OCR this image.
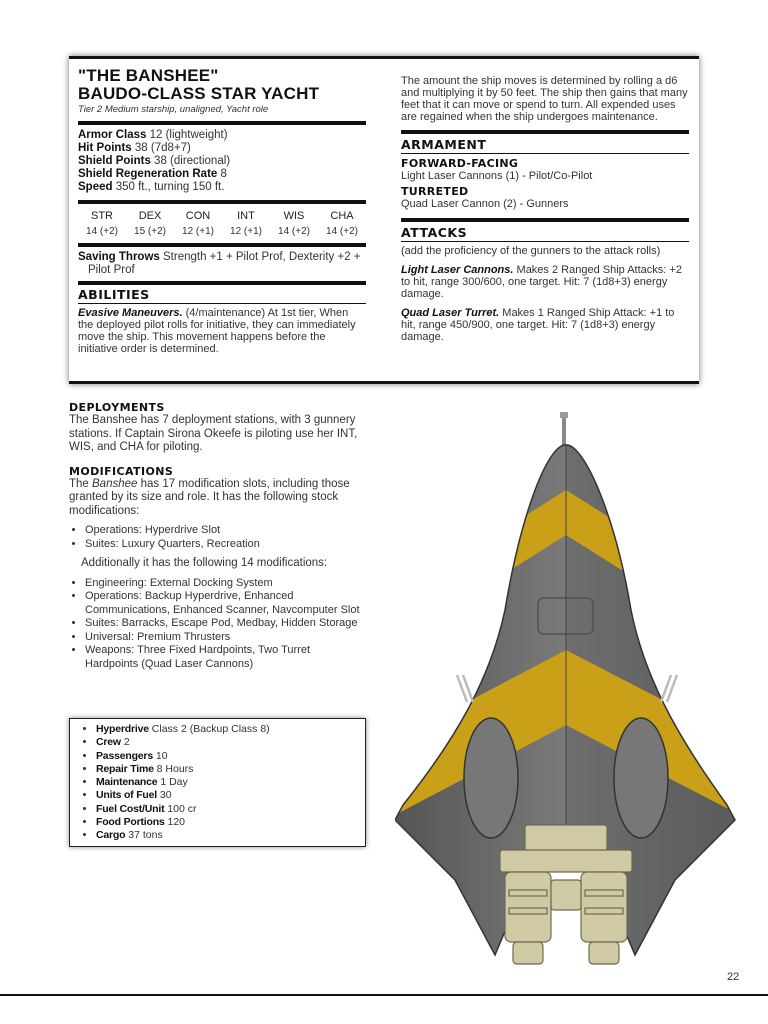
"THE BANSHEE"
BAUDO-CLASS STAR YACHT
Tier 2 Medium starship, unaligned, Yacht role
Armor Class 12 (lightweight)
Hit Points 38 (7d8+7)
Shield Points 38 (directional)
Shield Regeneration Rate 8
Speed 350 ft., turning 150 ft.
STR
14 (+2)
DEX
15 (+2)
CON
12 (+1)
INT
12 (+1)
WIS
14 (+2)
CHA
14 (+2)
Saving Throws Strength +1 + Pilot Prof, Dexterity +2 + Pilot Prof
ABILITIES
Evasive Maneuvers. (4/maintenance) At 1st tier, When the deployed pilot rolls for initiative, they can immediately move the ship. This movement happens before the initiative order is determined.
The amount the ship moves is determined by rolling a d6 and multiplying it by 50 feet. The ship then gains that many feet that it can move or spend to turn. All expended uses are regained when the ship undergoes maintenance.
ARMAMENT
FORWARD-FACING
Light Laser Cannons (1) - Pilot/Co-Pilot
TURRETED
Quad Laser Cannon (2) - Gunners
ATTACKS
(add the proficiency of the gunners to the attack rolls)
Light Laser Cannons. Makes 2 Ranged Ship Attacks: +2 to hit, range 300/600, one target. Hit: 7 (1d8+3) energy damage.
Quad Laser Turret. Makes 1 Ranged Ship Attack: +1 to hit, range 450/900, one target. Hit: 7 (1d8+3) energy damage.
DEPLOYMENTS
The Banshee has 7 deployment stations, with 3 gunnery stations. If Captain Sirona Okeefe is piloting use her INT, WIS, and CHA for piloting.
MODIFICATIONS
The Banshee has 17 modification slots, including those granted by its size and role. It has the following stock modifications:
• Operations: Hyperdrive Slot
• Suites: Luxury Quarters, Recreation
Additionally it has the following 14 modifications:
• Engineering: External Docking System
• Operations: Backup Hyperdrive, Enhanced Communications, Enhanced Scanner, Navcomputer Slot
• Suites: Barracks, Escape Pod, Medbay, Hidden Storage
• Universal: Premium Thrusters
• Weapons: Three Fixed Hardpoints, Two Turret Hardpoints (Quad Laser Cannons)
• Hyperdrive Class 2 (Backup Class 8)
• Crew 2
• Passengers 10
• Repair Time 8 Hours
• Maintenance 1 Day
• Units of Fuel 30
• Fuel Cost/Unit 100 cr
• Food Portions 120
• Cargo 37 tons
22
